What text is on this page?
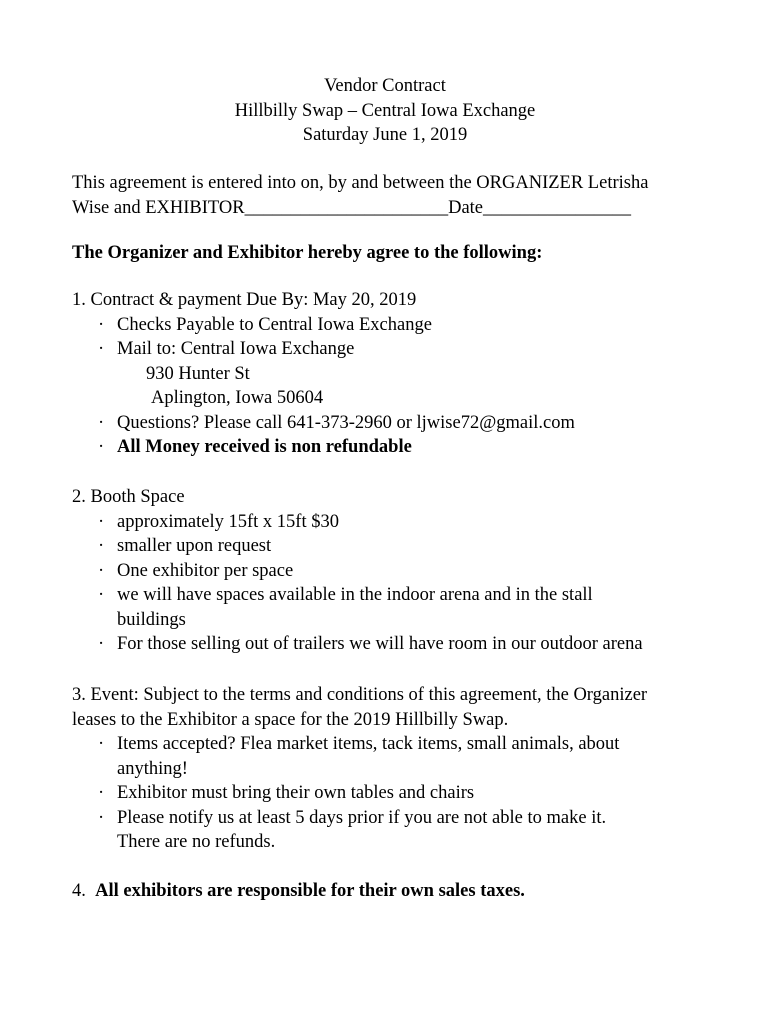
Vendor Contract
Hillbilly Swap – Central Iowa Exchange
Saturday June 1, 2019
This agreement is entered into on, by and between the ORGANIZER Letrisha
Wise and EXHIBITOR______________________Date________________
The Organizer and Exhibitor hereby agree to the following:
1. Contract & payment Due By: May 20, 2019
· Checks Payable to Central Iowa Exchange
· Mail to: Central Iowa Exchange
930 Hunter St
Aplington, Iowa 50604
· Questions? Please call 641-373-2960 or ljwise72@gmail.com
· All Money received is non refundable
2. Booth Space
· approximately 15ft x 15ft $30
· smaller upon request
· One exhibitor per space
· we will have spaces available in the indoor arena and in the stall
buildings
· For those selling out of trailers we will have room in our outdoor arena
3. Event: Subject to the terms and conditions of this agreement, the Organizer
leases to the Exhibitor a space for the 2019 Hillbilly Swap.
· Items accepted? Flea market items, tack items, small animals, about
anything!
· Exhibitor must bring their own tables and chairs
· Please notify us at least 5 days prior if you are not able to make it.
There are no refunds.
4. All exhibitors are responsible for their own sales taxes.
